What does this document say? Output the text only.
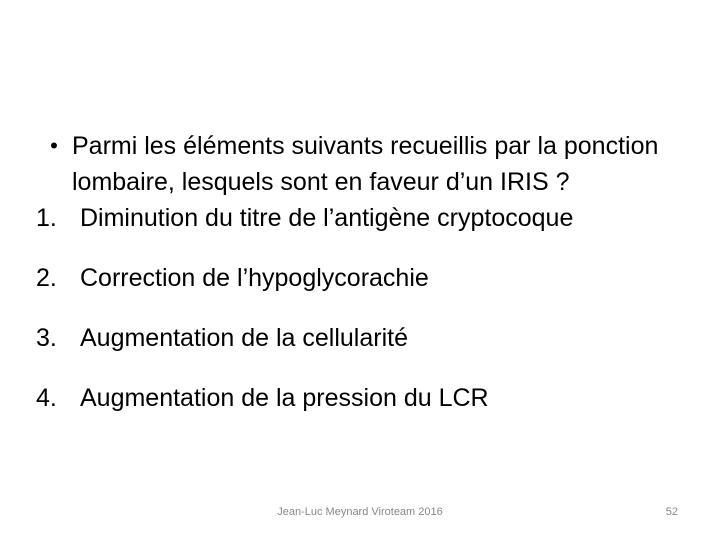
• Parmi les éléments suivants recueillis par la ponction lombaire, lesquels sont en faveur d’un IRIS ?
1. Diminution du titre de l’antigène cryptocoque
2. Correction de l’hypoglycorachie
3. Augmentation de la cellularité
4. Augmentation de la pression du LCR
Jean-Luc Meynard Viroteam 2016	52
